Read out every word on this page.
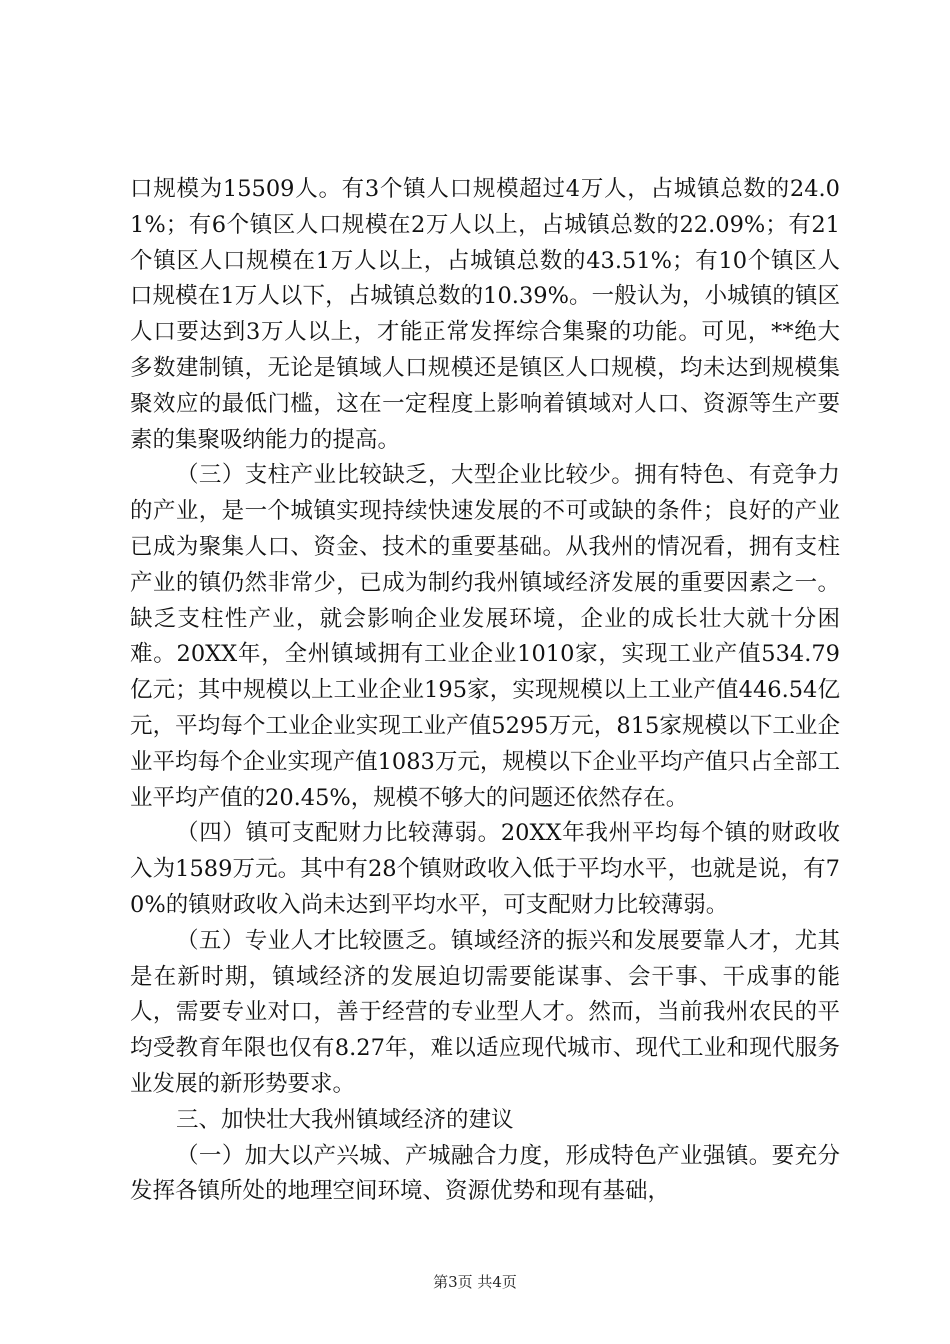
口规模为15509人。有3个镇人口规模超过4万人，占城镇总数的24.01%；有6个镇区人口规模在2万人以上，占城镇总数的22.09%；有21个镇区人口规模在1万人以上，占城镇总数的43.51%；有10个镇区人口规模在1万人以下，占城镇总数的10.39%。一般认为，小城镇的镇区人口要达到3万人以上，才能正常发挥综合集聚的功能。可见，**绝大多数建制镇，无论是镇域人口规模还是镇区人口规模，均未达到规模集聚效应的最低门槛，这在一定程度上影响着镇域对人口、资源等生产要素的集聚吸纳能力的提高。

（三）支柱产业比较缺乏，大型企业比较少。拥有特色、有竞争力的产业，是一个城镇实现持续快速发展的不可或缺的条件；良好的产业已成为聚集人口、资金、技术的重要基础。从我州的情况看，拥有支柱产业的镇仍然非常少，已成为制约我州镇域经济发展的重要因素之一。缺乏支柱性产业，就会影响企业发展环境，企业的成长壮大就十分困难。20XX年，全州镇域拥有工业企业1010家，实现工业产值534.79亿元；其中规模以上工业企业195家，实现规模以上工业产值446.54亿元，平均每个工业企业实现工业产值5295万元，815家规模以下工业企业平均每个企业实现产值1083万元，规模以下企业平均产值只占全部工业平均产值的20.45%，规模不够大的问题还依然存在。

（四）镇可支配财力比较薄弱。20XX年我州平均每个镇的财政收入为1589万元。其中有28个镇财政收入低于平均水平，也就是说，有70%的镇财政收入尚未达到平均水平，可支配财力比较薄弱。

（五）专业人才比较匮乏。镇域经济的振兴和发展要靠人才，尤其是在新时期，镇域经济的发展迫切需要能谋事、会干事、干成事的能人，需要专业对口，善于经营的专业型人才。然而，当前我州农民的平均受教育年限也仅有8.27年，难以适应现代城市、现代工业和现代服务业发展的新形势要求。

三、加快壮大我州镇域经济的建议

（一）加大以产兴城、产城融合力度，形成特色产业强镇。要充分发挥各镇所处的地理空间环境、资源优势和现有基础，

第3页 共4页
